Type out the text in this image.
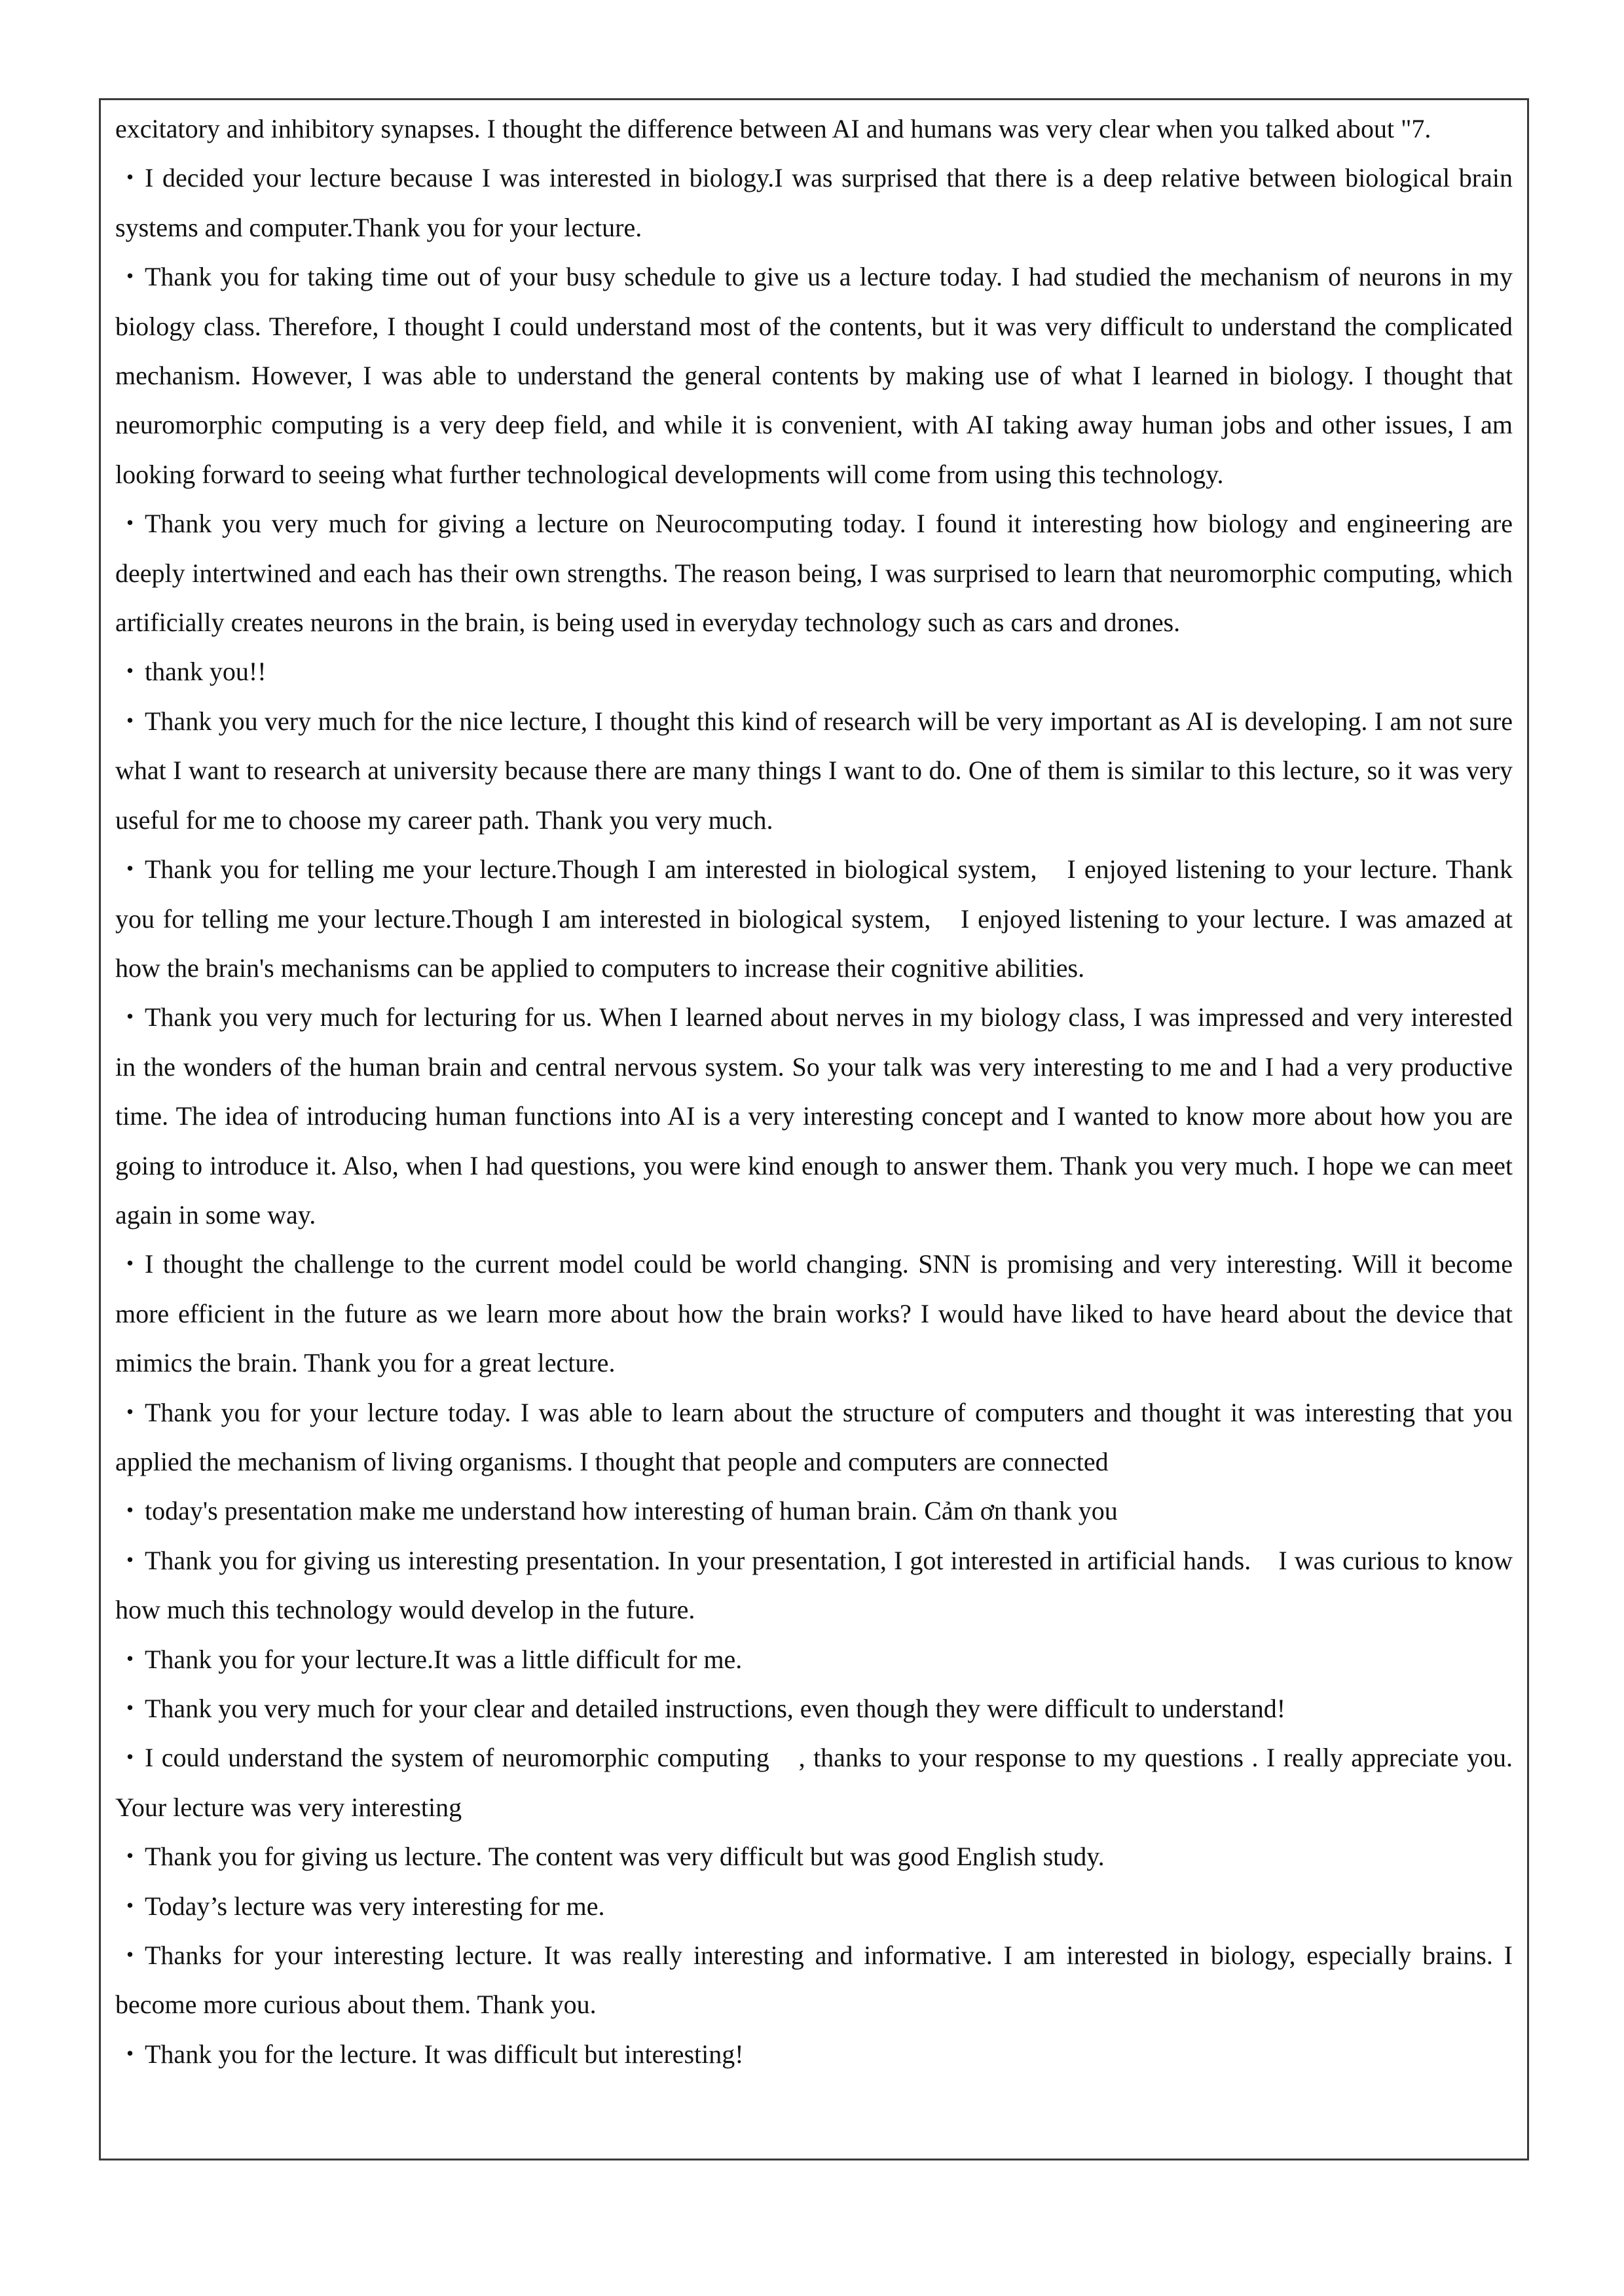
excitatory and inhibitory synapses. I thought the difference between AI and humans was very clear when you talked about "7.

・I decided your lecture because I was interested in biology.I was surprised that there is a deep relative between biological brain systems and computer.Thank you for your lecture.

・Thank you for taking time out of your busy schedule to give us a lecture today. I had studied the mechanism of neurons in my biology class. Therefore, I thought I could understand most of the contents, but it was very difficult to understand the complicated mechanism. However, I was able to understand the general contents by making use of what I learned in biology. I thought that neuromorphic computing is a very deep field, and while it is convenient, with AI taking away human jobs and other issues, I am looking forward to seeing what further technological developments will come from using this technology.

・Thank you very much for giving a lecture on Neurocomputing today. I found it interesting how biology and engineering are deeply intertwined and each has their own strengths. The reason being, I was surprised to learn that neuromorphic computing, which artificially creates neurons in the brain, is being used in everyday technology such as cars and drones.

・thank you!!

・Thank you very much for the nice lecture, I thought this kind of research will be very important as AI is developing. I am not sure what I want to research at university because there are many things I want to do. One of them is similar to this lecture, so it was very useful for me to choose my career path. Thank you very much.

・Thank you for telling me your lecture.Though I am interested in biological system,　I enjoyed listening to your lecture. Thank you for telling me your lecture.Though I am interested in biological system,　I enjoyed listening to your lecture. I was amazed at how the brain's mechanisms can be applied to computers to increase their cognitive abilities.

・Thank you very much for lecturing for us. When I learned about nerves in my biology class, I was impressed and very interested in the wonders of the human brain and central nervous system. So your talk was very interesting to me and I had a very productive time. The idea of introducing human functions into AI is a very interesting concept and I wanted to know more about how you are going to introduce it. Also, when I had questions, you were kind enough to answer them. Thank you very much. I hope we can meet again in some way.

・I thought the challenge to the current model could be world changing. SNN is promising and very interesting. Will it become more efficient in the future as we learn more about how the brain works? I would have liked to have heard about the device that mimics the brain. Thank you for a great lecture.

・Thank you for your lecture today. I was able to learn about the structure of computers and thought it was interesting that you applied the mechanism of living organisms. I thought that people and computers are connected

・today's presentation make me understand how interesting of human brain. Cảm ơn thank you

・Thank you for giving us interesting presentation. In your presentation, I got interested in artificial hands.　I was curious to know how much this technology would develop in the future.

・Thank you for your lecture.It was a little difficult for me.

・Thank you very much for your clear and detailed instructions, even though they were difficult to understand!

・I could understand the system of neuromorphic computing　, thanks to your response to my questions . I really appreciate you. Your lecture was very interesting

・Thank you for giving us lecture. The content was very difficult but was good English study.

・Today’s lecture was very interesting for me.

・Thanks for your interesting lecture. It was really interesting and informative. I am interested in biology, especially brains. I become more curious about them. Thank you.

・Thank you for the lecture. It was difficult but interesting!
